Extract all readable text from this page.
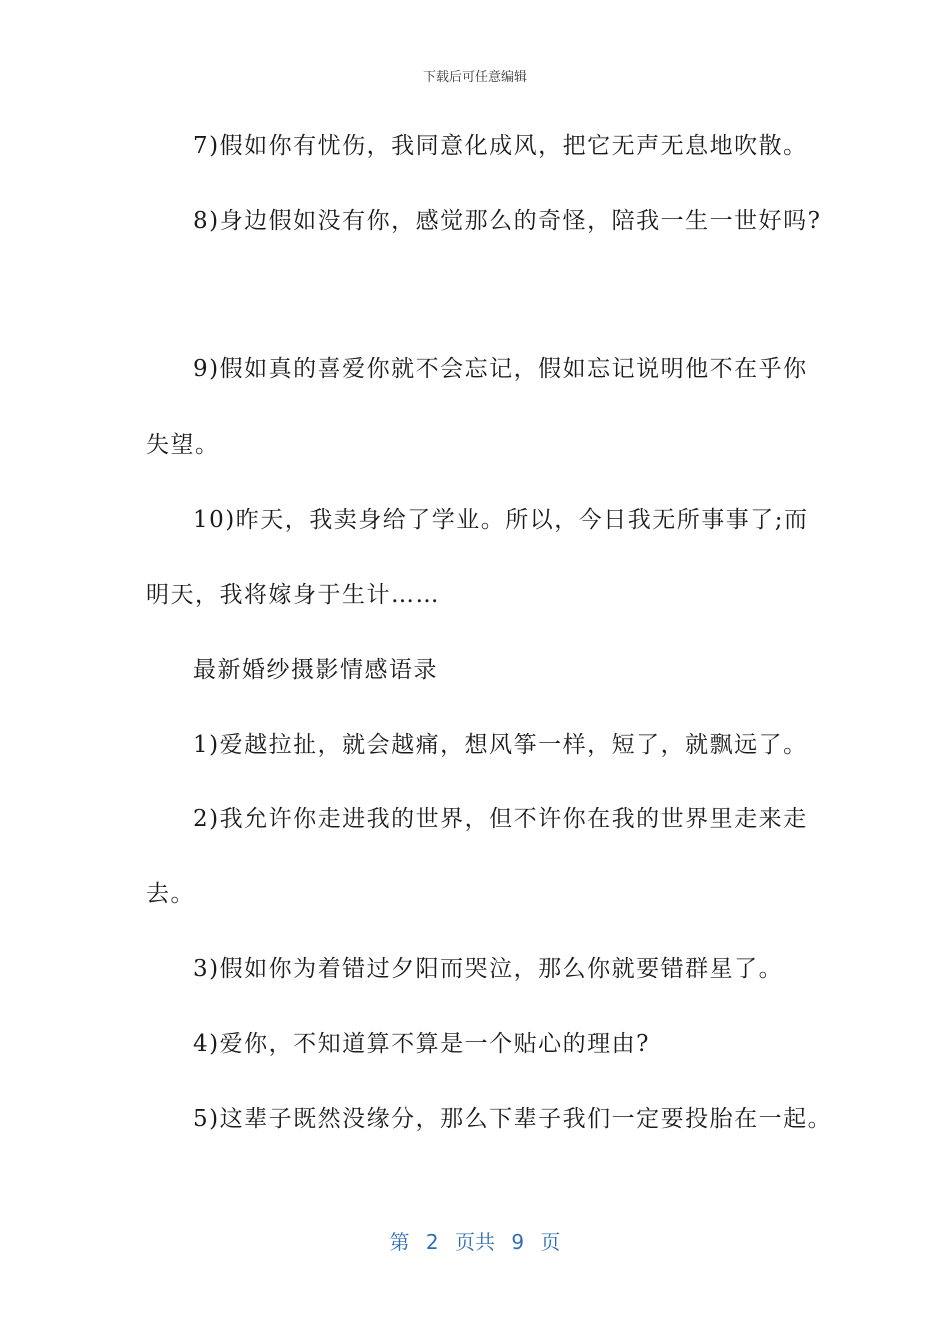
下载后可任意编辑
7)假如你有忧伤，我同意化成风，把它无声无息地吹散。
8)身边假如没有你，感觉那么的奇怪，陪我一生一世好吗?
9)假如真的喜爱你就不会忘记，假如忘记说明他不在乎你
失望。
10)昨天，我卖身给了学业。所以，今日我无所事事了;而
明天，我将嫁身于生计……
最新婚纱摄影情感语录
1)爱越拉扯，就会越痛，想风筝一样，短了，就飘远了。
2)我允许你走进我的世界，但不许你在我的世界里走来走
去。
3)假如你为着错过夕阳而哭泣，那么你就要错群星了。
4)爱你，不知道算不算是一个贴心的理由?
5)这辈子既然没缘分，那么下辈子我们一定要投胎在一起。
第 2 页共 9 页
